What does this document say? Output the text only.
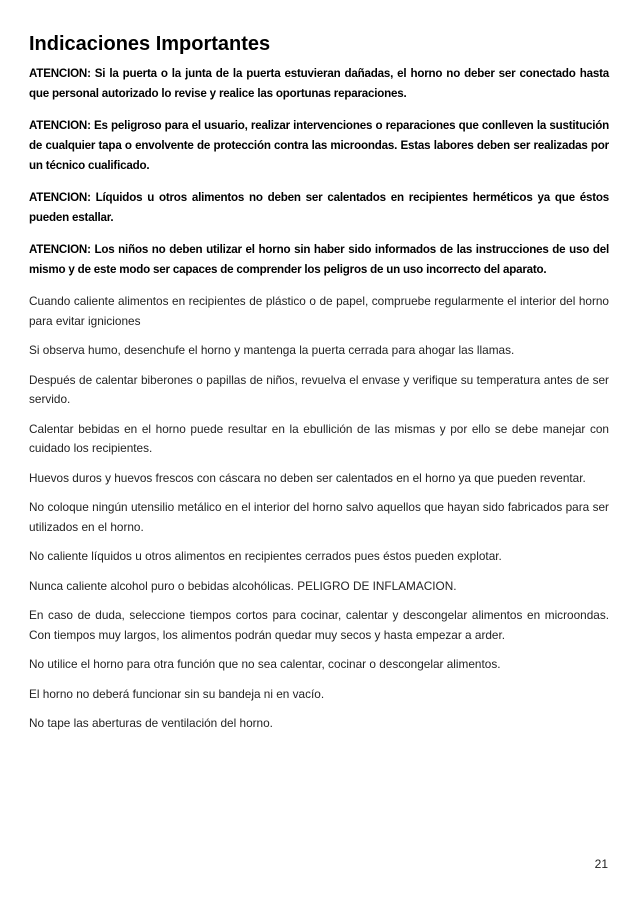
Indicaciones Importantes

ATENCION: Si la puerta o la junta de la puerta estuvieran dañadas, el horno no deber ser conectado hasta que personal autorizado lo revise y realice las oportunas reparaciones.

ATENCION: Es peligroso para el usuario, realizar intervenciones o reparaciones que conlleven la sustitución de cualquier tapa o envolvente de protección contra las microondas. Estas labores deben ser realizadas por un técnico cualificado.

ATENCION: Líquidos u otros alimentos no deben ser calentados en recipientes herméticos ya que éstos pueden estallar.

ATENCION: Los niños no deben utilizar el horno sin haber sido informados de las instrucciones de uso del mismo y de este modo ser capaces de comprender los peligros de un uso incorrecto del aparato.

Cuando caliente alimentos en recipientes de plástico o de papel, compruebe regularmente el interior del horno para evitar igniciones

Si observa humo, desenchufe el horno y mantenga la puerta cerrada para ahogar las llamas.

Después de calentar biberones o papillas de niños, revuelva el envase y verifique su temperatura antes de ser servido.

Calentar bebidas en el horno puede resultar en la ebullición de las mismas y por ello se debe manejar con cuidado los recipientes.

Huevos duros y huevos frescos con cáscara no deben ser calentados en el horno ya que pueden reventar.

No coloque ningún utensilio metálico en el interior del horno salvo aquellos que hayan sido fabricados para ser utilizados en el horno.

No caliente líquidos u otros alimentos en recipientes cerrados pues éstos pueden explotar.

Nunca caliente alcohol puro o bebidas alcohólicas. PELIGRO DE INFLAMACION.

En caso de duda, seleccione tiempos cortos para cocinar, calentar y descongelar alimentos en microondas. Con tiempos muy largos, los alimentos podrán quedar muy secos y hasta empezar a arder.

No utilice el horno para otra función que no sea calentar, cocinar o descongelar alimentos.

El horno no deberá funcionar sin su bandeja ni en vacío.

No tape las aberturas de ventilación del horno.

21
